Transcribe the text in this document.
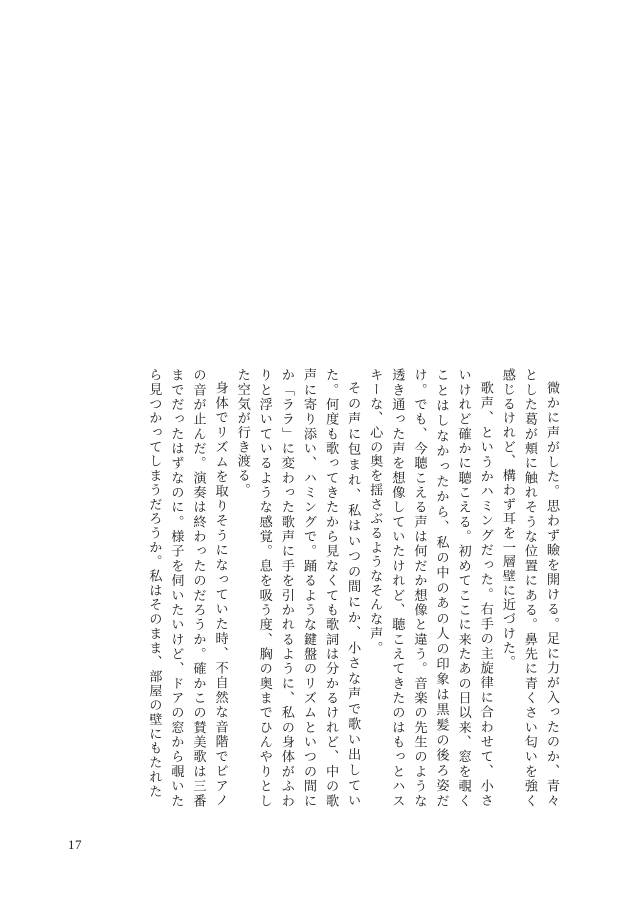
微かに声がした。思わず瞼を開ける。足に力が入ったのか、青々とした葛が頬に触れそうな位置にある。鼻先に青くさい匂いを強く感じるけれど、構わず耳を一層壁に近づけた。

歌声、というかハミングだった。右手の主旋律に合わせて、小さいけれど確かに聴こえる。初めてここに来たあの日以来、窓を覗くことはしなかったから、私の中のあの人の印象は黒髪の後ろ姿だけ。でも、今聴こえる声は何だか想像と違う。音楽の先生のような透き通った声を想像していたけれど、聴こえてきたのはもっとハスキーな、心の奥を揺さぶるようなそんな声。

その声に包まれ、私はいつの間にか、小さな声で歌い出していた。何度も歌ってきたから見なくても歌詞は分かるけれど、中の歌声に寄り添い、ハミングで。踊るような鍵盤のリズムといつの間にか「ララ」に変わった歌声に手を引かれるように、私の身体がふわりと浮いているような感覚。息を吸う度、胸の奥までひんやりとした空気が行き渡る。

身体でリズムを取りそうになっていた時、不自然な音階でピアノの音が止んだ。演奏は終わったのだろうか。確かこの賛美歌は三番までだったはずなのに。様子を伺いたいけど、ドアの窓から覗いたら見つかってしまうだろうか。私はそのまま、部屋の壁にもたれた

17
